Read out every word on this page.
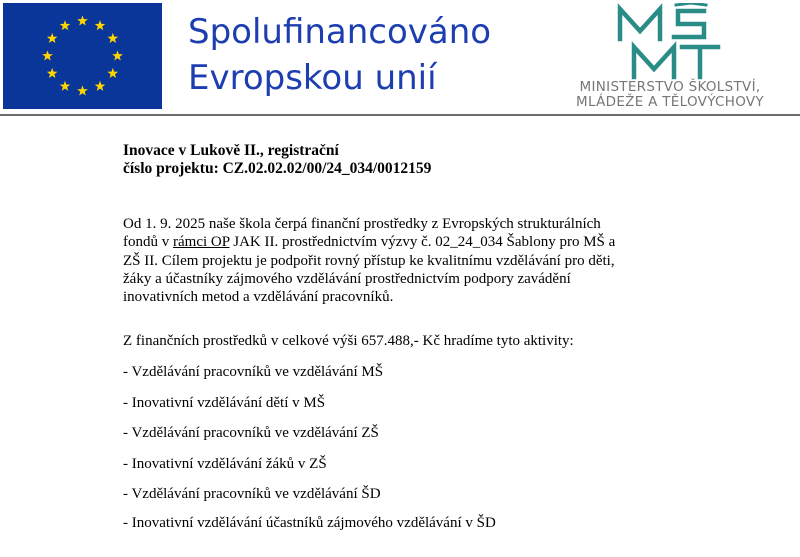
Spolufinancováno
Evropskou unií	MINISTERSTVO ŠKOLSTVÍ,
MLÁDEŽE A TĚLOVÝCHOVY
Inovace v Lukově II., registrační
číslo projektu: CZ.02.02.02/00/24_034/0012159
Od 1. 9. 2025 naše škola čerpá finanční prostředky z Evropských strukturálních
fondů v rámci OP JAK II. prostřednictvím výzvy č. 02_24_034 Šablony pro MŠ a
ZŠ II. Cílem projektu je podpořit rovný přístup ke kvalitnímu vzdělávání pro děti,
žáky a účastníky zájmového vzdělávání prostřednictvím podpory zavádění
inovativních metod a vzdělávání pracovníků.
Z finančních prostředků v celkové výši 657.488,- Kč hradíme tyto aktivity:
- Vzdělávání pracovníků ve vzdělávání MŠ
- Inovativní vzdělávání dětí v MŠ
- Vzdělávání pracovníků ve vzdělávání ZŠ
- Inovativní vzdělávání žáků v ZŠ
- Vzdělávání pracovníků ve vzdělávání ŠD
- Inovativní vzdělávání účastníků zájmového vzdělávání v ŠD
